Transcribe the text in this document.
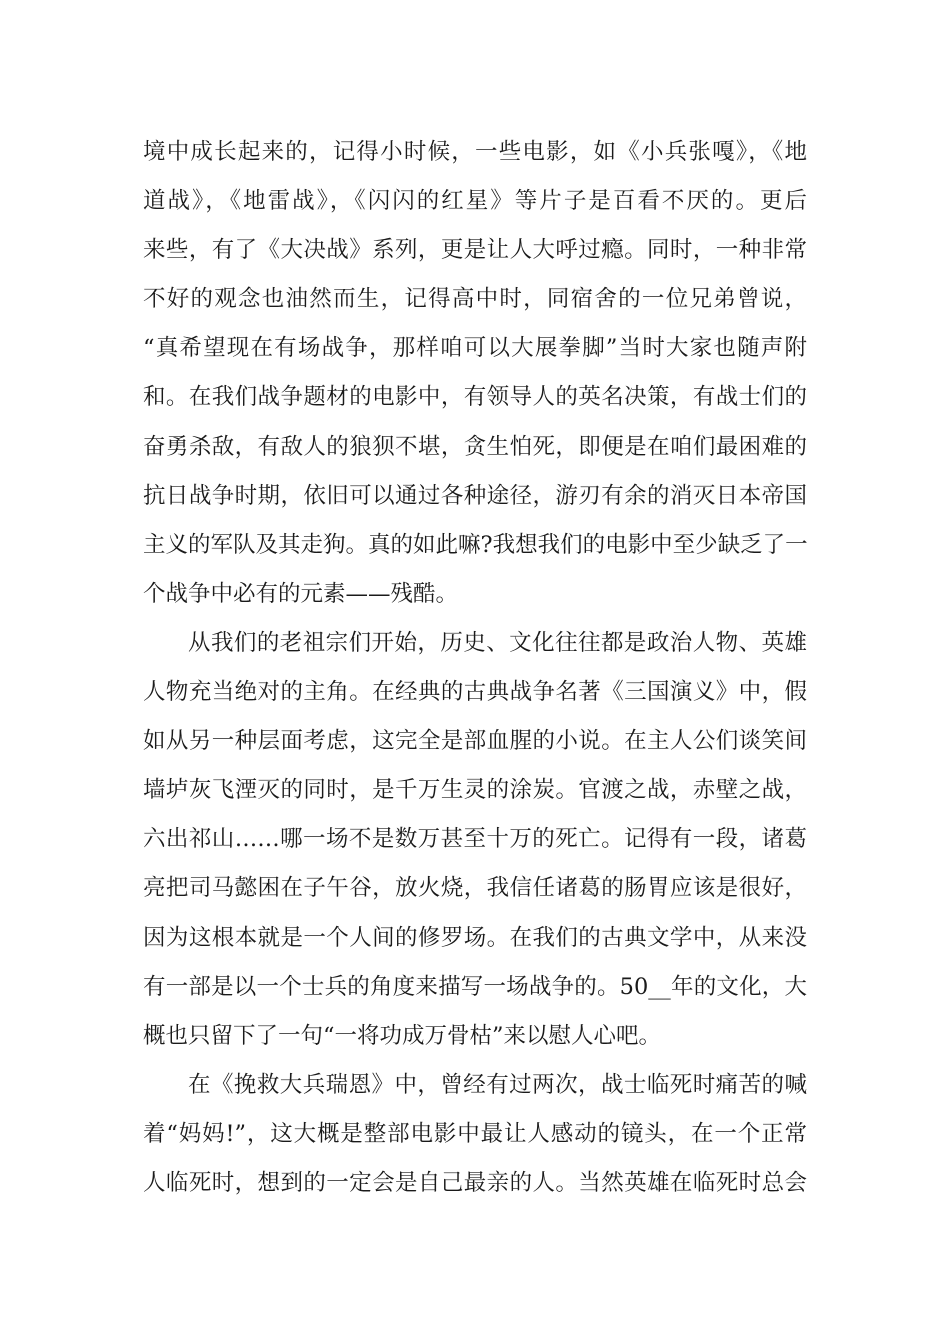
境中成长起来的，记得小时候，一些电影，如《小兵张嘎》，《地
道战》，《地雷战》，《闪闪的红星》等片子是百看不厌的。更后
来些，有了《大决战》系列，更是让人大呼过瘾。同时，一种非常
不好的观念也油然而生，记得高中时，同宿舍的一位兄弟曾说，
“真希望现在有场战争，那样咱可以大展拳脚”当时大家也随声附
和。在我们战争题材的电影中，有领导人的英名决策，有战士们的
奋勇杀敌，有敌人的狼狈不堪，贪生怕死，即便是在咱们最困难的
抗日战争时期，依旧可以通过各种途径，游刃有余的消灭日本帝国
主义的军队及其走狗。真的如此嘛?我想我们的电影中至少缺乏了一
个战争中必有的元素——残酷。
从我们的老祖宗们开始，历史、文化往往都是政治人物、英雄
人物充当绝对的主角。在经典的古典战争名著《三国演义》中，假
如从另一种层面考虑，这完全是部血腥的小说。在主人公们谈笑间
墙垆灰飞湮灭的同时，是千万生灵的涂炭。官渡之战，赤壁之战，
六出祁山……哪一场不是数万甚至十万的死亡。记得有一段，诸葛
亮把司马懿困在子午谷，放火烧，我信任诸葛的肠胃应该是很好，
因为这根本就是一个人间的修罗场。在我们的古典文学中，从来没
有一部是以一个士兵的角度来描写一场战争的。50__年的文化，大
概也只留下了一句“一将功成万骨枯”来以慰人心吧。
在《挽救大兵瑞恩》中，曾经有过两次，战士临死时痛苦的喊
着“妈妈!”，这大概是整部电影中最让人感动的镜头，在一个正常
人临死时，想到的一定会是自己最亲的人。当然英雄在临死时总会
